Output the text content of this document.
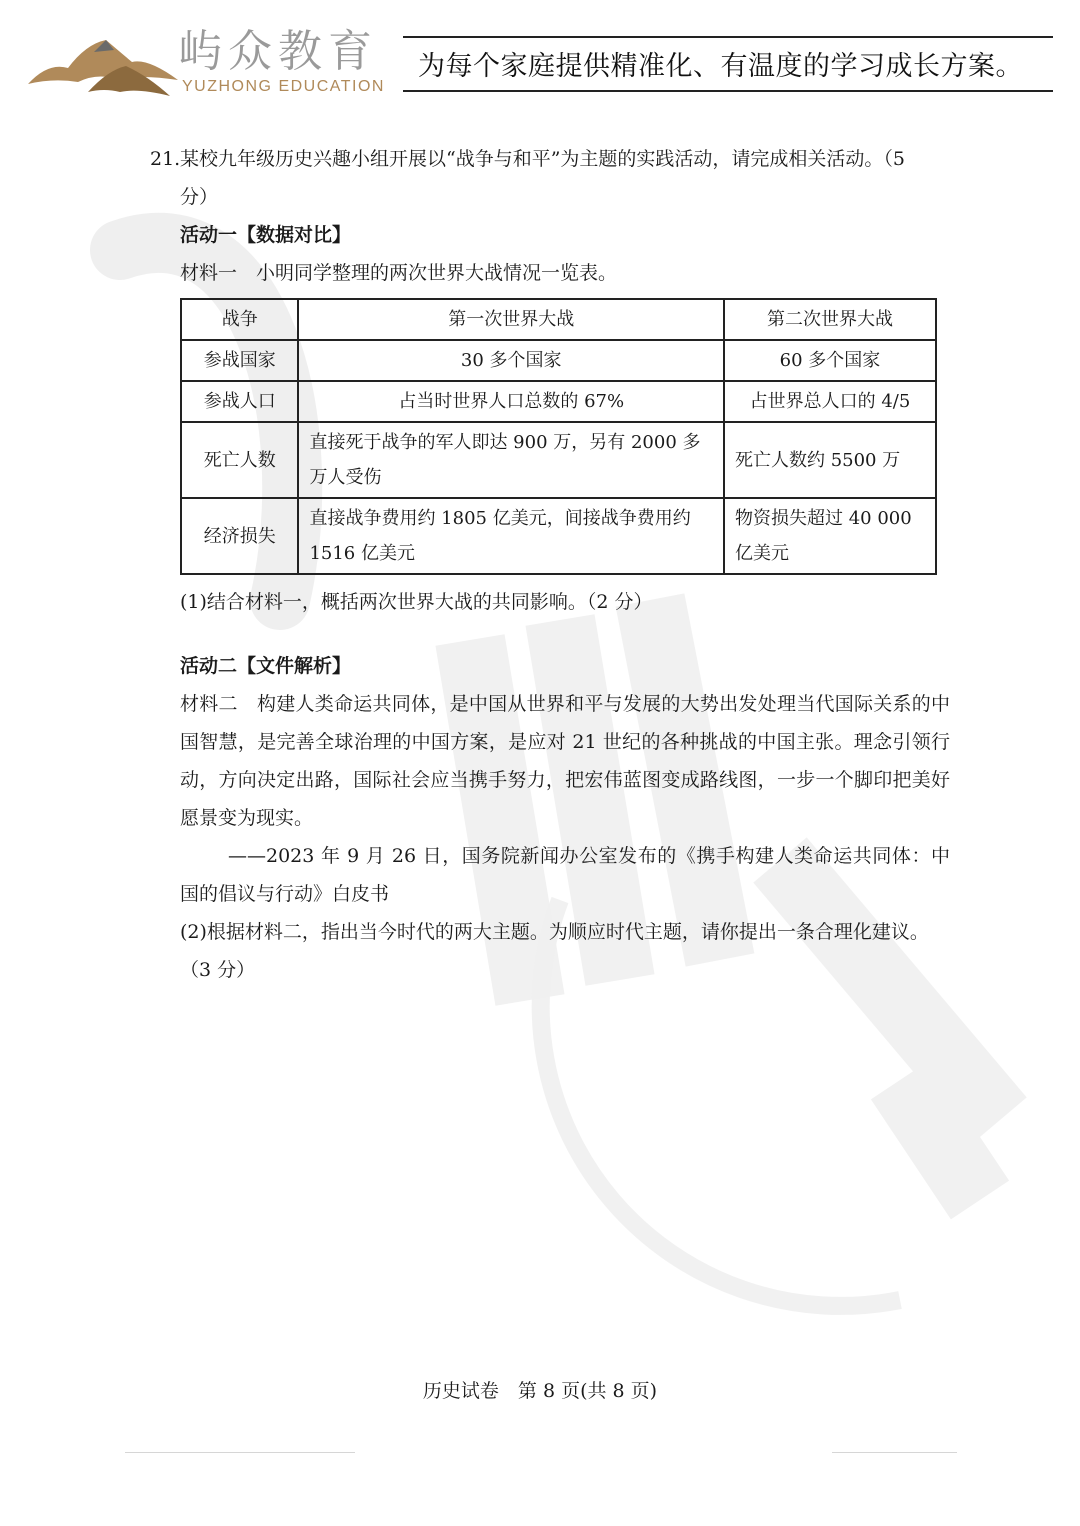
屿众教育
YUZHONG EDUCATION
为每个家庭提供精准化、有温度的学习成长方案。
21. 某校九年级历史兴趣小组开展以“战争与和平”为主题的实践活动，请完成相关活动。（5
分）
活动一【数据对比】
材料一　小明同学整理的两次世界大战情况一览表。
战争	第一次世界大战	第二次世界大战
参战国家	30 多个国家	60 多个国家
参战人口	占当时世界人口总数的 67%	占世界总人口的 4/5
死亡人数	直接死于战争的军人即达 900 万，另有 2000 多万人受伤	死亡人数约 5500 万
经济损失	直接战争费用约 1805 亿美元，间接战争费用约 1516 亿美元	物资损失超过 40 000 亿美元
(1)结合材料一，概括两次世界大战的共同影响。（2 分）
活动二【文件解析】
材料二　构建人类命运共同体，是中国从世界和平与发展的大势出发处理当代国际关系的中国智慧，是完善全球治理的中国方案，是应对 21 世纪的各种挑战的中国主张。理念引领行动，方向决定出路，国际社会应当携手努力，把宏伟蓝图变成路线图，一步一个脚印把美好愿景变为现实。
——2023 年 9 月 26 日，国务院新闻办公室发布的《携手构建人类命运共同体：中国的倡议与行动》白皮书
(2)根据材料二，指出当今时代的两大主题。为顺应时代主题，请你提出一条合理化建议。
（3 分）
历史试卷　第 8 页(共 8 页)
